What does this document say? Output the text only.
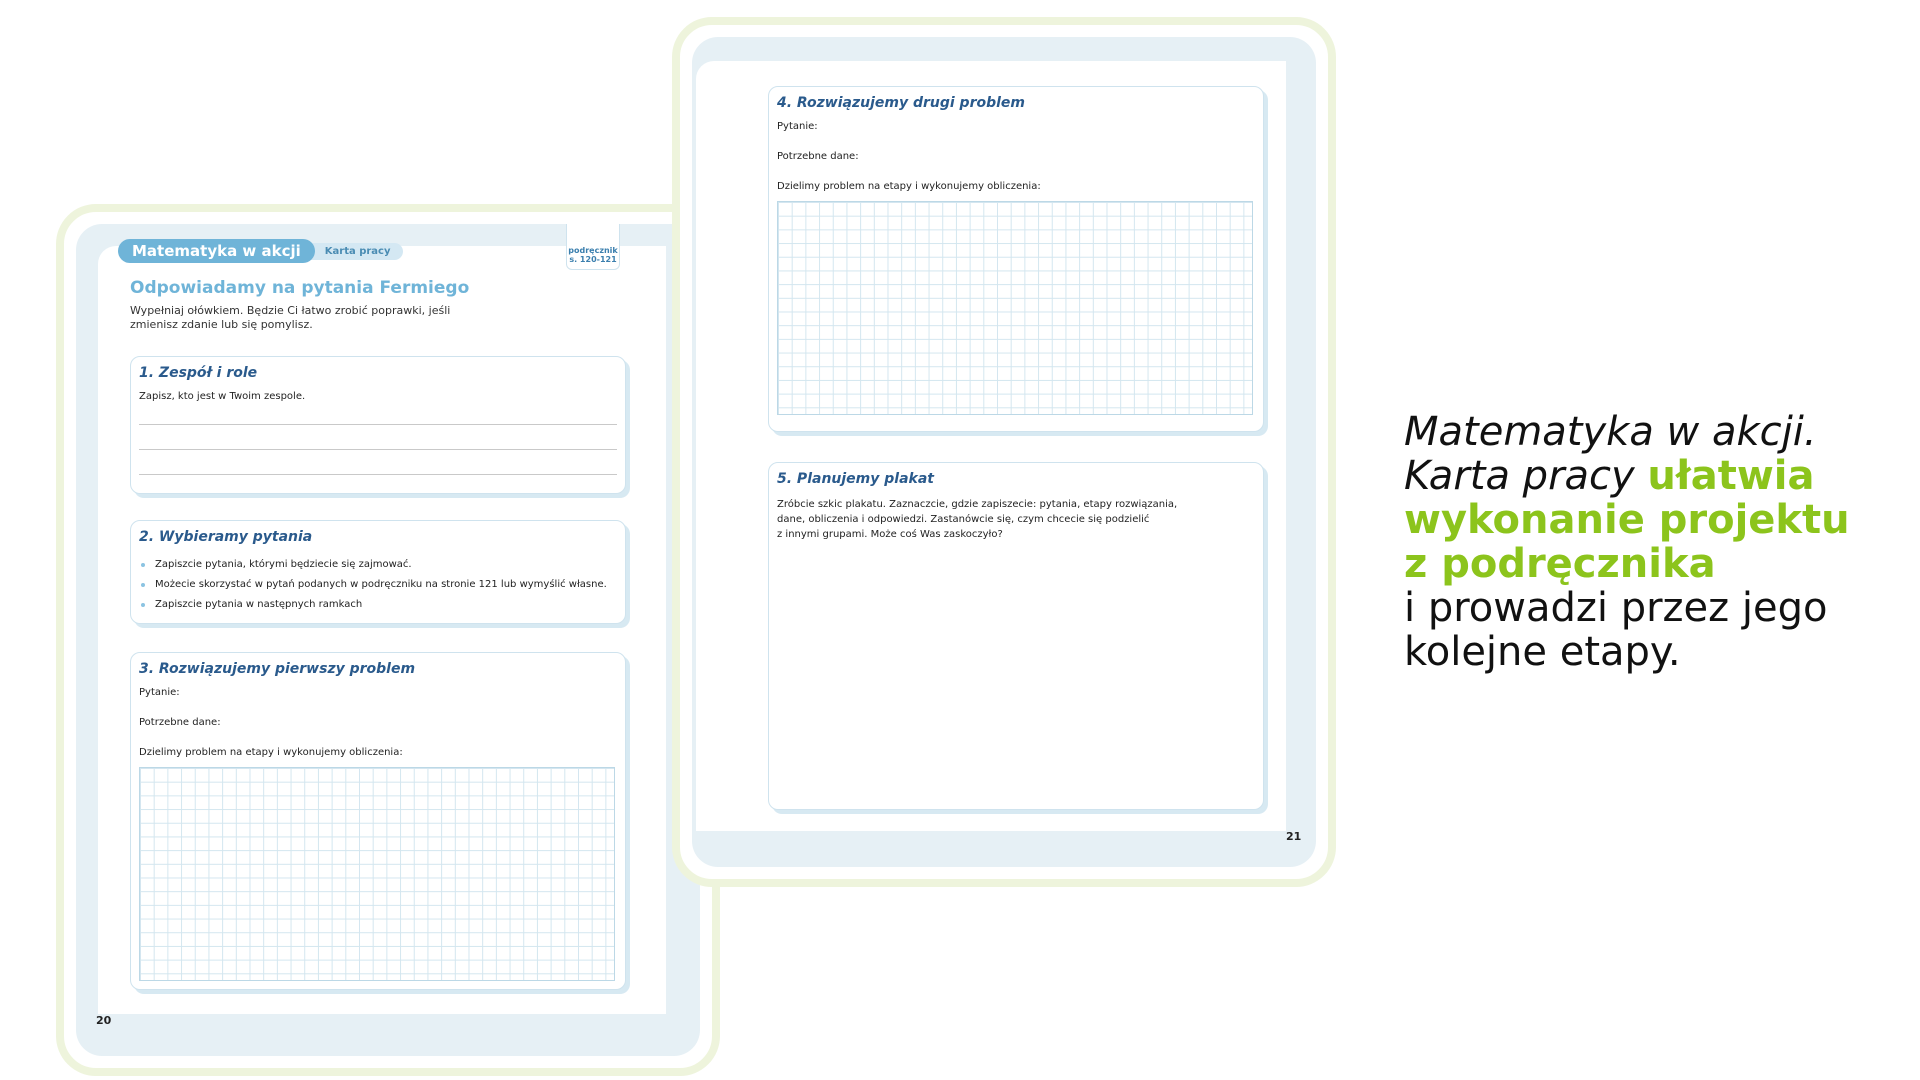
Matematyka w akcji	Karta pracy	podręcznik
s. 120-121
Odpowiadamy na pytania Fermiego
Wypełniaj ołówkiem. Będzie Ci łatwo zrobić poprawki, jeśli zmienisz zdanie lub się pomylisz.
1. Zespół i role
Zapisz, kto jest w Twoim zespole.
2. Wybieramy pytania
Zapiszcie pytania, którymi będziecie się zajmować.
Możecie skorzystać w pytań podanych w podręczniku na stronie 121 lub wymyślić własne.
Zapiszcie pytania w następnych ramkach
3. Rozwiązujemy pierwszy problem
Pytanie:
Potrzebne dane:
Dzielimy problem na etapy i wykonujemy obliczenia:
20
4. Rozwiązujemy drugi problem
Pytanie:
Potrzebne dane:
Dzielimy problem na etapy i wykonujemy obliczenia:
5. Planujemy plakat
Zróbcie szkic plakatu. Zaznaczcie, gdzie zapiszecie: pytania, etapy rozwiązania,
dane, obliczenia i odpowiedzi. Zastanówcie się, czym chcecie się podzielić
z innymi grupami. Może coś Was zaskoczyło?
21
Matematyka w akcji.
Karta pracy ułatwia
wykonanie projektu
z podręcznika
i prowadzi przez jego
kolejne etapy.
